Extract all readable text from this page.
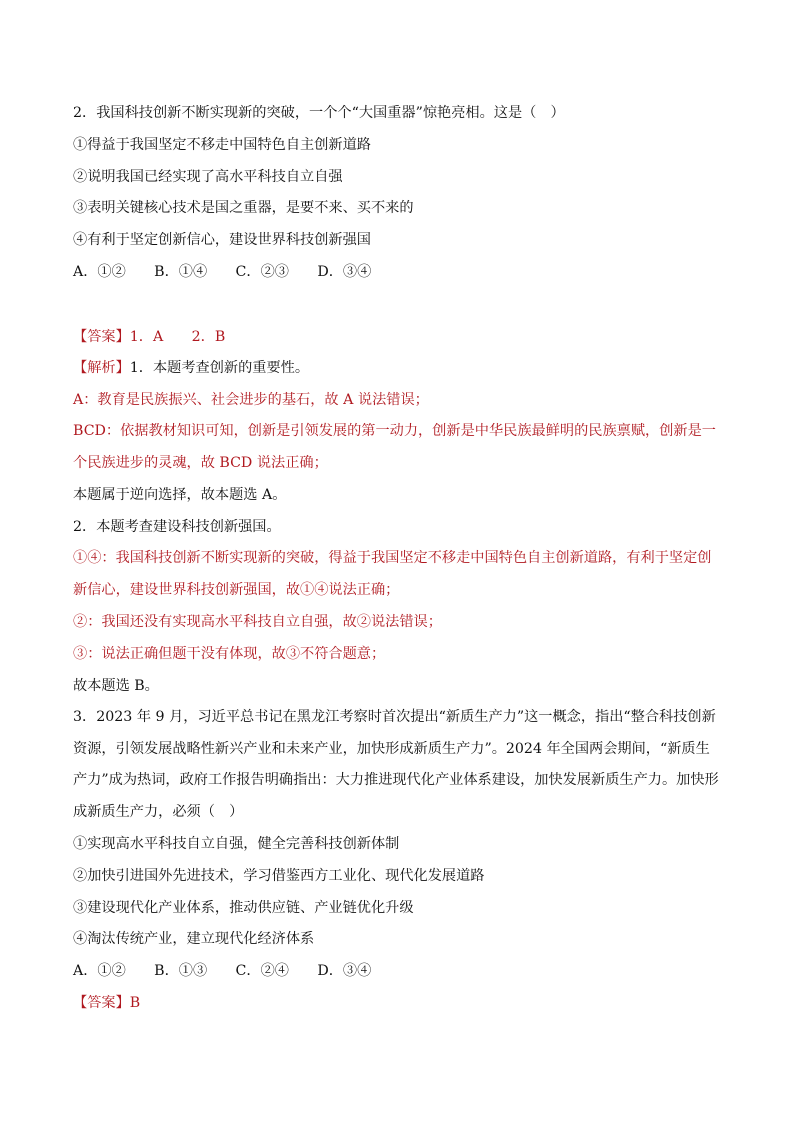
2．我国科技创新不断实现新的突破，一个个“大国重器”惊艳亮相。这是（　）
①得益于我国坚定不移走中国特色自主创新道路
②说明我国已经实现了高水平科技自立自强
③表明关键核心技术是国之重器，是要不来、买不来的
④有利于坚定创新信心，建设世界科技创新强国
A．①②　　B．①④　　C．②③　　D．③④
【答案】1．A　　2．B
【解析】1．本题考查创新的重要性。
A：教育是民族振兴、社会进步的基石，故 A 说法错误；
BCD：依据教材知识可知，创新是引领发展的第一动力，创新是中华民族最鲜明的民族禀赋，创新是一个民族进步的灵魂，故 BCD 说法正确；
本题属于逆向选择，故本题选 A。
2．本题考查建设科技创新强国。
①④：我国科技创新不断实现新的突破，得益于我国坚定不移走中国特色自主创新道路，有利于坚定创新信心，建设世界科技创新强国，故①④说法正确；
②：我国还没有实现高水平科技自立自强，故②说法错误；
③：说法正确但题干没有体现，故③不符合题意；
故本题选 B。
3．2023 年 9 月，习近平总书记在黑龙江考察时首次提出“新质生产力”这一概念，指出“整合科技创新资源，引领发展战略性新兴产业和未来产业，加快形成新质生产力”。2024 年全国两会期间，“新质生产力”成为热词，政府工作报告明确指出：大力推进现代化产业体系建设，加快发展新质生产力。加快形成新质生产力，必须（　）
①实现高水平科技自立自强，健全完善科技创新体制
②加快引进国外先进技术，学习借鉴西方工业化、现代化发展道路
③建设现代化产业体系，推动供应链、产业链优化升级
④淘汰传统产业，建立现代化经济体系
A．①②　　B．①③　　C．②④　　D．③④
【答案】B
